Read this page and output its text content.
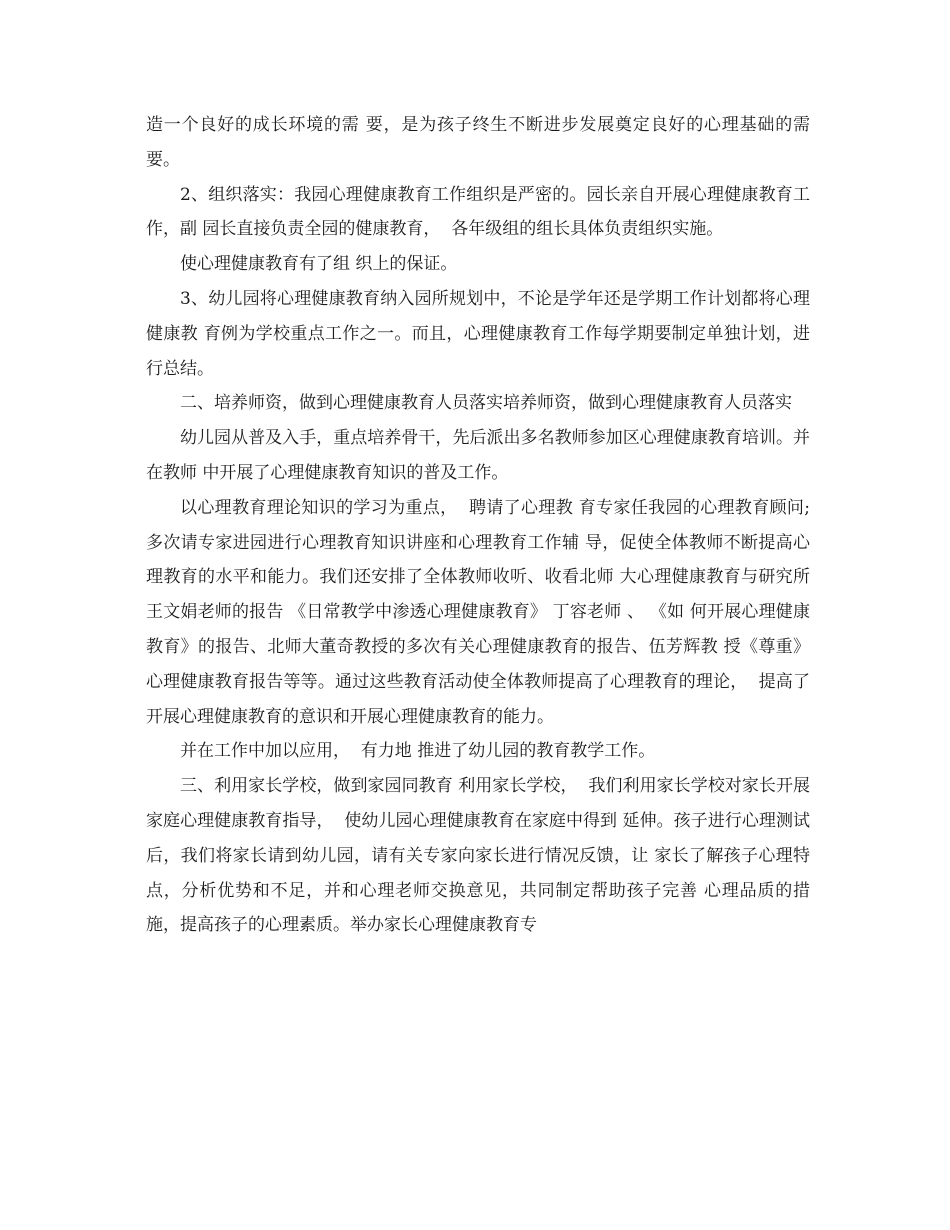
造一个良好的成长环境的需 要，是为孩子终生不断进步发展奠定良好的心理基础的需要。

2、组织落实：我园心理健康教育工作组织是严密的。园长亲自开展心理健康教育工作，副 园长直接负责全园的健康教育，  各年级组的组长具体负责组织实施。

使心理健康教育有了组 织上的保证。

3、幼儿园将心理健康教育纳入园所规划中，不论是学年还是学期工作计划都将心理健康教 育例为学校重点工作之一。而且，心理健康教育工作每学期要制定单独计划，进行总结。

二、培养师资，做到心理健康教育人员落实培养师资，做到心理健康教育人员落实

幼儿园从普及入手，重点培养骨干，先后派出多名教师参加区心理健康教育培训。并在教师 中开展了心理健康教育知识的普及工作。

以心理教育理论知识的学习为重点，  聘请了心理教 育专家任我园的心理教育顾问;多次请专家进园进行心理教育知识讲座和心理教育工作辅 导，促使全体教师不断提高心理教育的水平和能力。我们还安排了全体教师收听、收看北师 大心理健康教育与研究所王文娟老师的报告 《日常教学中渗透心理健康教育》 丁容老师 、 《如 何开展心理健康教育》的报告、北师大董奇教授的多次有关心理健康教育的报告、伍芳辉教 授《尊重》心理健康教育报告等等。通过这些教育活动使全体教师提高了心理教育的理论，  提高了开展心理健康教育的意识和开展心理健康教育的能力。

并在工作中加以应用，  有力地 推进了幼儿园的教育教学工作。

三、利用家长学校，做到家园同教育 利用家长学校，  我们利用家长学校对家长开展家庭心理健康教育指导，  使幼儿园心理健康教育在家庭中得到 延伸。孩子进行心理测试后，我们将家长请到幼儿园，请有关专家向家长进行情况反馈，让 家长了解孩子心理特点，分析优势和不足，并和心理老师交换意见，共同制定帮助孩子完善 心理品质的措施，提高孩子的心理素质。举办家长心理健康教育专
